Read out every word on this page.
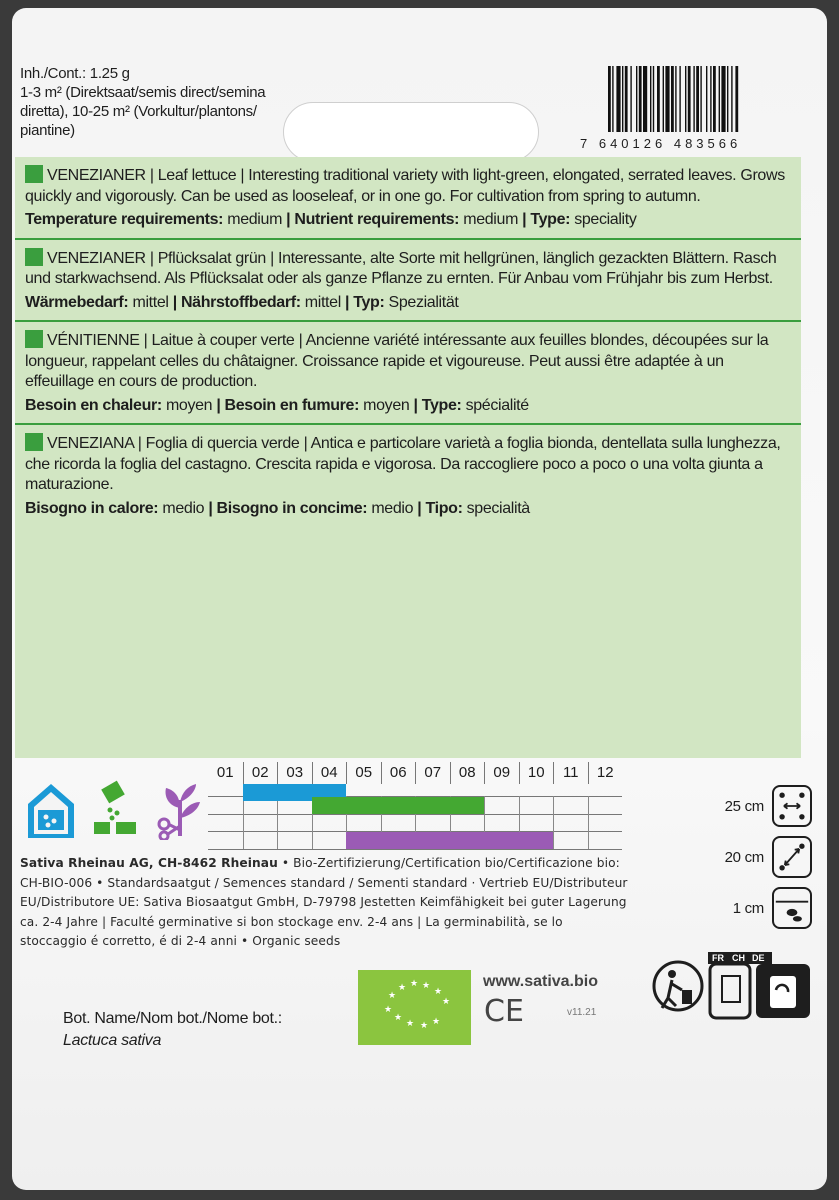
Inh./Cont.: 1.25 g
1-3 m² (Direktsaat/semis direct/semina
diretta), 10-25 m² (Vorkultur/plantons/
piantine)
7 640126 483566
VENEZIANER | Leaf lettuce | Interesting traditional variety with light-green, elongated, serrated leaves. Grows quickly and vigorously. Can be used as looseleaf, or in one go. For cultivation from spring to autumn.
Temperature requirements: medium | Nutrient requirements: medium | Type: speciality
VENEZIANER | Pflücksalat grün | Interessante, alte Sorte mit hellgrünen, länglich gezackten Blättern. Rasch und starkwachsend. Als Pflücksalat oder als ganze Pflanze zu ernten. Für Anbau vom Frühjahr bis zum Herbst.
Wärmebedarf: mittel | Nährstoffbedarf: mittel | Typ: Spezialität
VÉNITIENNE | Laitue à couper verte | Ancienne variété intéressante aux feuilles blondes, découpées sur la longueur, rappelant celles du châtaigner. Croissance rapide et vigoureuse. Peut aussi être adaptée à un effeuillage en cours de production.
Besoin en chaleur: moyen | Besoin en fumure: moyen | Type: spécialité
VENEZIANA | Foglia di quercia verde | Antica e particolare varietà a foglia bionda, dentellata sulla lunghezza, che ricorda la foglia del castagno. Crescita rapida e vigorosa. Da raccogliere poco a poco o una volta giunta a maturazione.
Bisogno in calore: medio | Bisogno in concime: medio | Tipo: specialità
01	02	03	04	05	06	07	08	09	10	11	12
25 cm
20 cm
1 cm
Sativa Rheinau AG, CH-8462 Rheinau • Bio-Zertifizierung/Certification bio/Certificazione bio: CH-BIO-006 • Standardsaatgut / Semences standard / Sementi standard · Vertrieb EU/Distributeur EU/Distributore UE: Sativa Biosaatgut GmbH, D-79798 Jestetten Keimfähigkeit bei guter Lagerung ca. 2-4 Jahre | Faculté germinative si bon stockage env. 2-4 ans | La germinabilità, se lo stoccaggio é corretto, é di 2-4 anni • Organic seeds
★
★ ★ ★
★
★
★
★
★ ★ ★
www.sativa.bio
CE	v11.21
Bot. Name/Nom bot./Nome bot.:
Lactuca sativa
FR CH DE
